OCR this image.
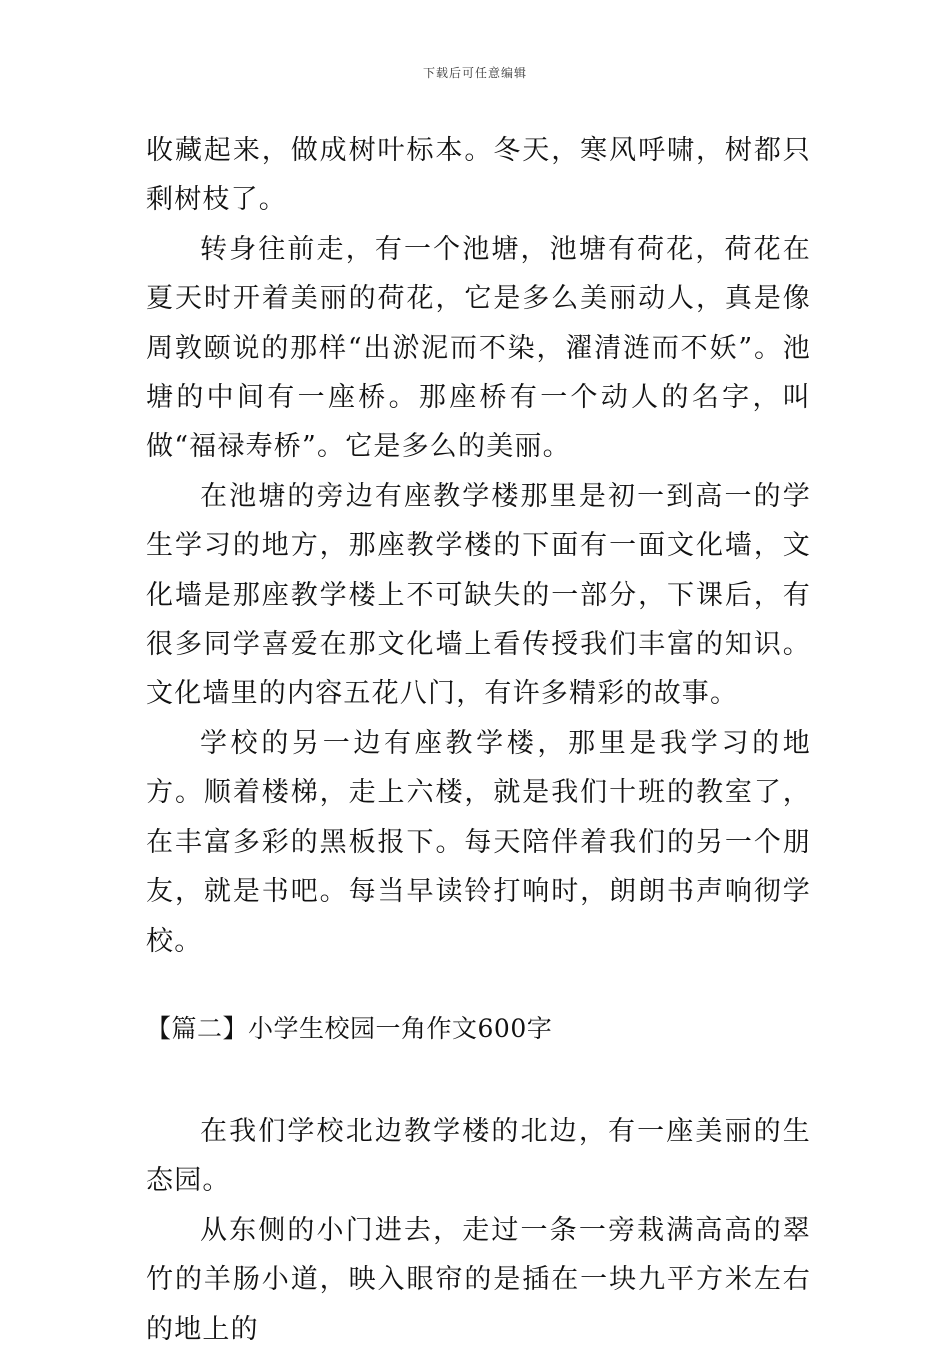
下载后可任意编辑

收藏起来，做成树叶标本。冬天，寒风呼啸，树都只剩树枝了。

转身往前走，有一个池塘，池塘有荷花，荷花在夏天时开着美丽的荷花，它是多么美丽动人，真是像周敦颐说的那样“出淤泥而不染，濯清涟而不妖”。池塘的中间有一座桥。那座桥有一个动人的名字，叫做“福禄寿桥”。它是多么的美丽。

在池塘的旁边有座教学楼那里是初一到高一的学生学习的地方，那座教学楼的下面有一面文化墙，文化墙是那座教学楼上不可缺失的一部分，下课后，有很多同学喜爱在那文化墙上看传授我们丰富的知识。文化墙里的内容五花八门，有许多精彩的故事。

学校的另一边有座教学楼，那里是我学习的地方。顺着楼梯，走上六楼，就是我们十班的教室了，在丰富多彩的黑板报下。每天陪伴着我们的另一个朋友，就是书吧。每当早读铃打响时，朗朗书声响彻学校。

【篇二】小学生校园一角作文600字

在我们学校北边教学楼的北边，有一座美丽的生态园。

从东侧的小门进去，走过一条一旁栽满高高的翠竹的羊肠小道，映入眼帘的是插在一块九平方米左右的地上的
